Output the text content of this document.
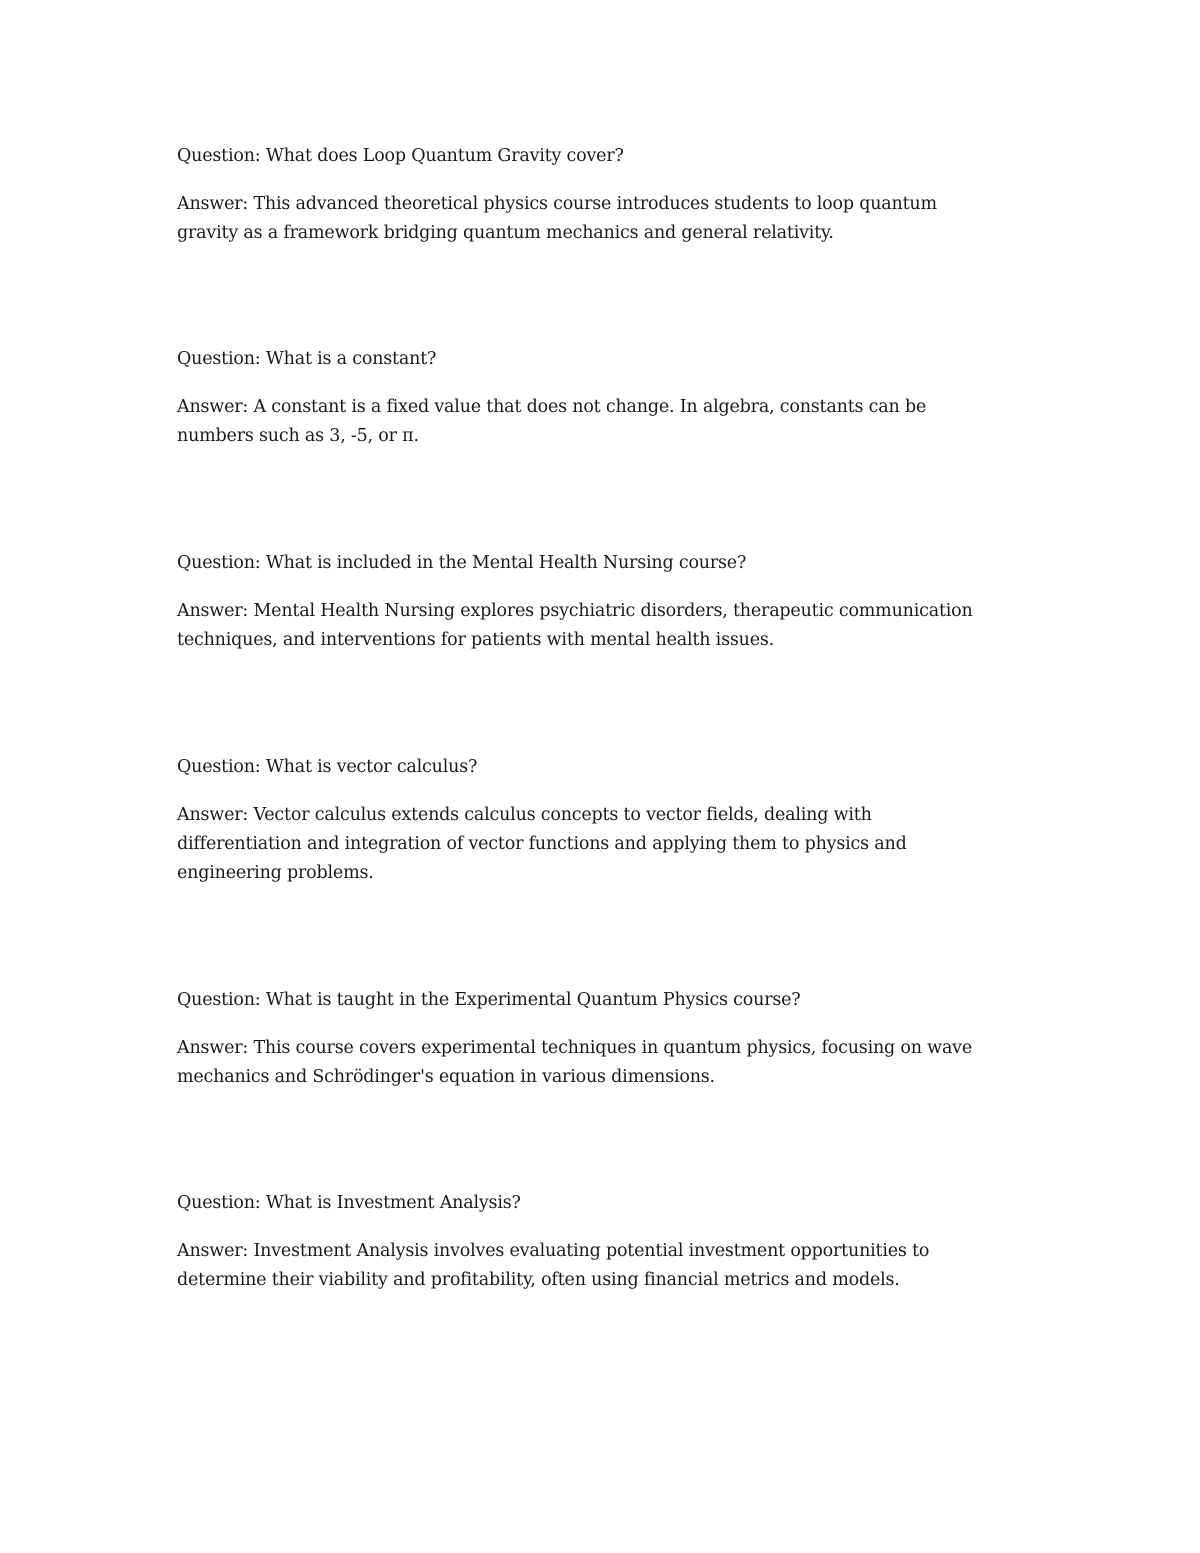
Question: What does Loop Quantum Gravity cover?

Answer: This advanced theoretical physics course introduces students to loop quantum gravity as a framework bridging quantum mechanics and general relativity.

Question: What is a constant?

Answer: A constant is a fixed value that does not change. In algebra, constants can be numbers such as 3, -5, or π.

Question: What is included in the Mental Health Nursing course?

Answer: Mental Health Nursing explores psychiatric disorders, therapeutic communication techniques, and interventions for patients with mental health issues.

Question: What is vector calculus?

Answer: Vector calculus extends calculus concepts to vector fields, dealing with differentiation and integration of vector functions and applying them to physics and engineering problems.

Question: What is taught in the Experimental Quantum Physics course?

Answer: This course covers experimental techniques in quantum physics, focusing on wave mechanics and Schrödinger's equation in various dimensions.

Question: What is Investment Analysis?

Answer: Investment Analysis involves evaluating potential investment opportunities to determine their viability and profitability, often using financial metrics and models.
